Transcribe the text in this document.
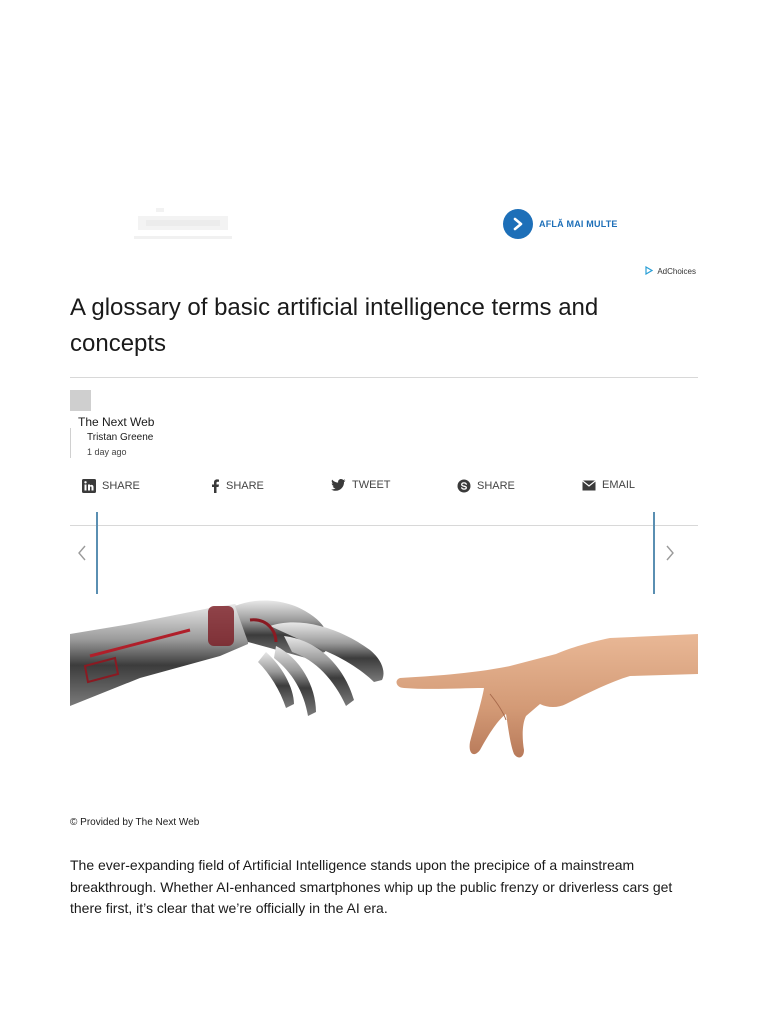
AFLĂ MAI MULTE
AdChoices
A glossary of basic artificial intelligence terms and concepts
The Next Web
Tristan Greene
1 day ago
SHARE	SHARE	TWEET	SHARE	EMAIL
© Provided by The Next Web

The ever-expanding field of Artificial Intelligence stands upon the precipice of a mainstream breakthrough. Whether AI-enhanced smartphones whip up the public frenzy or driverless cars get there first, it’s clear that we’re officially in the AI era.
